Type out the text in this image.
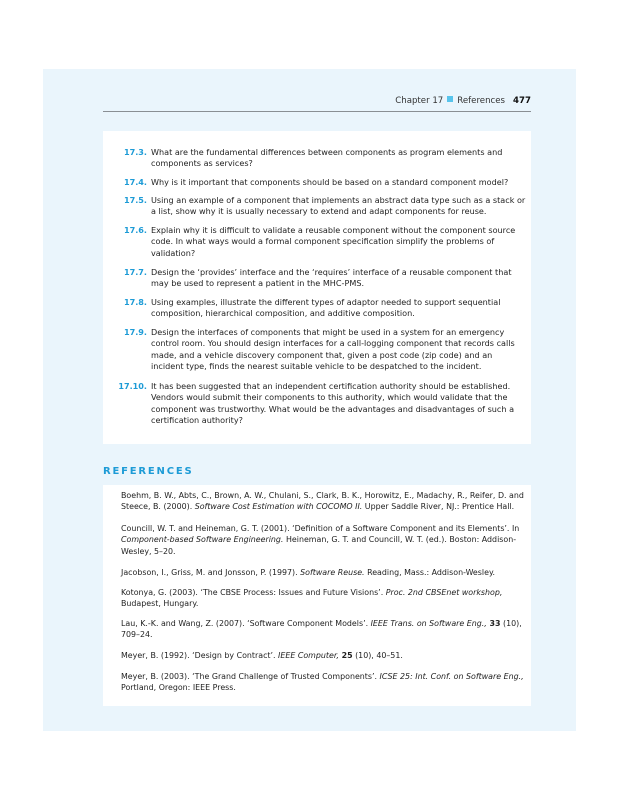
Chapter 17 References 477
17.3. What are the fundamental differences between components as program elements and components as services?
17.4. Why is it important that components should be based on a standard component model?
17.5. Using an example of a component that implements an abstract data type such as a stack or a list, show why it is usually necessary to extend and adapt components for reuse.
17.6. Explain why it is difficult to validate a reusable component without the component source code. In what ways would a formal component specification simplify the problems of validation?
17.7. Design the ‘provides’ interface and the ‘requires’ interface of a reusable component that may be used to represent a patient in the MHC-PMS.
17.8. Using examples, illustrate the different types of adaptor needed to support sequential composition, hierarchical composition, and additive composition.
17.9. Design the interfaces of components that might be used in a system for an emergency control room. You should design interfaces for a call-logging component that records calls made, and a vehicle discovery component that, given a post code (zip code) and an incident type, finds the nearest suitable vehicle to be despatched to the incident.
17.10. It has been suggested that an independent certification authority should be established. Vendors would submit their components to this authority, which would validate that the component was trustworthy. What would be the advantages and disadvantages of such a certification authority?
REFERENCES
Boehm, B. W., Abts, C., Brown, A. W., Chulani, S., Clark, B. K., Horowitz, E., Madachy, R., Reifer, D. and Steece, B. (2000). Software Cost Estimation with COCOMO II. Upper Saddle River, NJ.: Prentice Hall.
Councill, W. T. and Heineman, G. T. (2001). ‘Definition of a Software Component and its Elements’. In Component-based Software Engineering. Heineman, G. T. and Councill, W. T. (ed.). Boston: Addison-Wesley, 5–20.
Jacobson, I., Griss, M. and Jonsson, P. (1997). Software Reuse. Reading, Mass.: Addison-Wesley.
Kotonya, G. (2003). ‘The CBSE Process: Issues and Future Visions’. Proc. 2nd CBSEnet workshop, Budapest, Hungary.
Lau, K.-K. and Wang, Z. (2007). ‘Software Component Models’. IEEE Trans. on Software Eng., 33 (10), 709–24.
Meyer, B. (1992). ‘Design by Contract’. IEEE Computer, 25 (10), 40–51.
Meyer, B. (2003). ‘The Grand Challenge of Trusted Components’. ICSE 25: Int. Conf. on Software Eng., Portland, Oregon: IEEE Press.
